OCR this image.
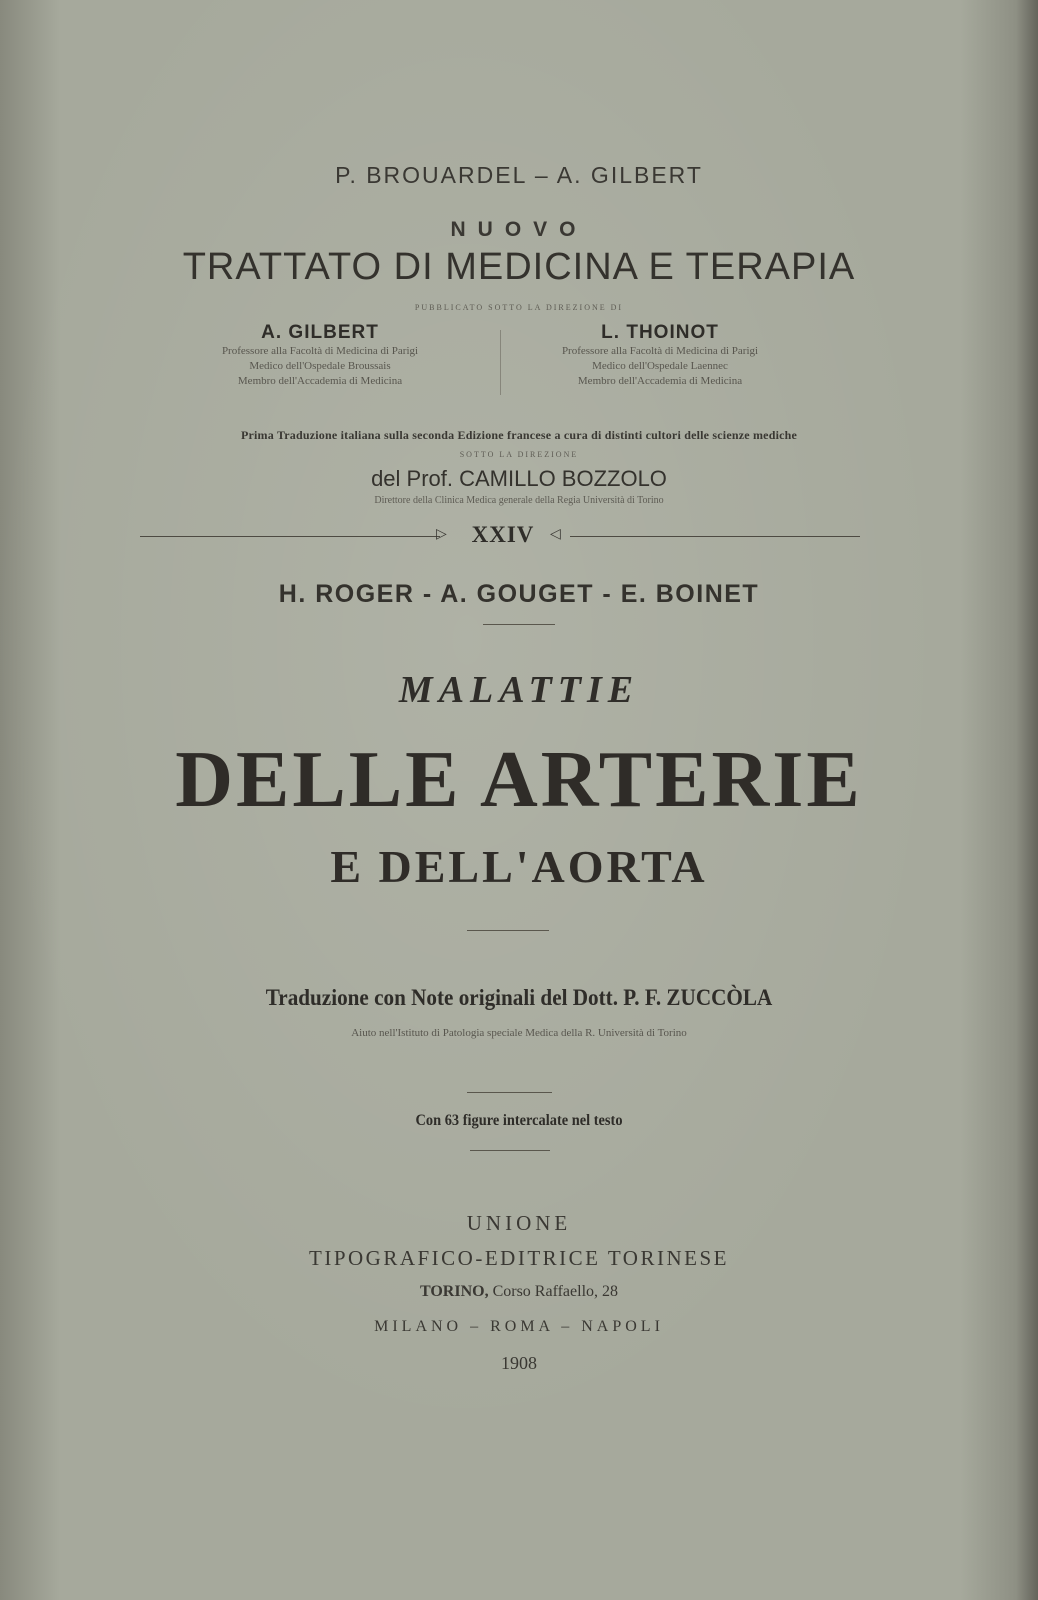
P. BROUARDEL – A. GILBERT

NUOVO

TRATTATO DI MEDICINA E TERAPIA

PUBBLICATO SOTTO LA DIREZIONE DI

A. GILBERT
Professore alla Facoltà di Medicina di Parigi
Medico dell'Ospedale Broussais
Membro dell'Accademia di Medicina
L. THOINOT
Professore alla Facoltà di Medicina di Parigi
Medico dell'Ospedale Laennec
Membro dell'Accademia di Medicina

Prima Traduzione italiana sulla seconda Edizione francese a cura di distinti cultori delle scienze mediche

SOTTO LA DIREZIONE

del Prof. CAMILLO BOZZOLO

Direttore della Clinica Medica generale della Regia Università di Torino

▷	XXIV	◁

H. ROGER - A. GOUGET - E. BOINET

MALATTIE

DELLE ARTERIE

E DELL'AORTA

Traduzione con Note originali del Dott. P. F. ZUCCÒLA

Aiuto nell'Istituto di Patologia speciale Medica della R. Università di Torino

Con 63 figure intercalate nel testo

UNIONE

TIPOGRAFICO-EDITRICE TORINESE

TORINO, Corso Raffaello, 28

MILANO – ROMA – NAPOLI

1908
